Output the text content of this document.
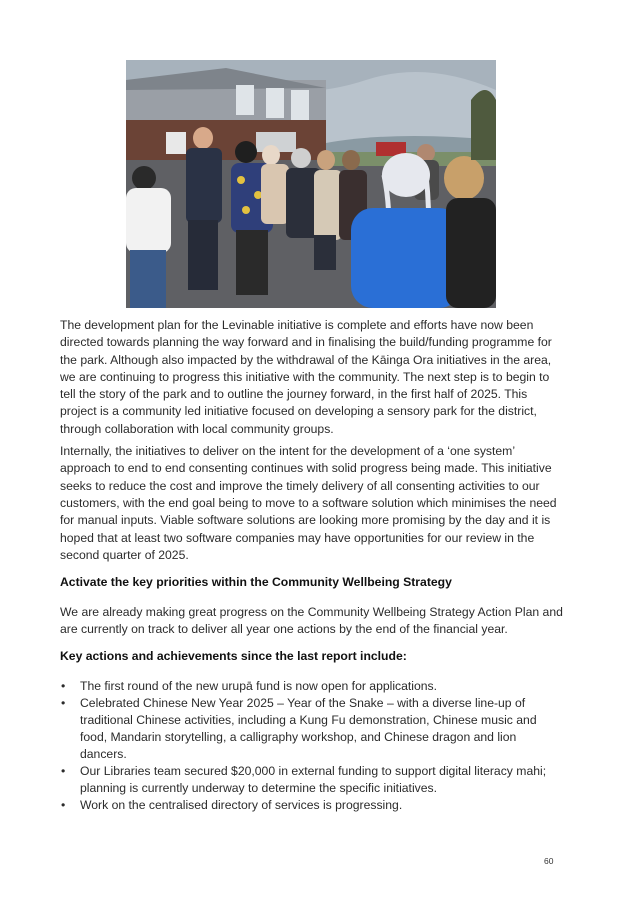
The development plan for the Levinable initiative is complete and efforts have now been directed towards planning the way forward and in finalising the build/funding programme for the park. Although also impacted by the withdrawal of the Kāinga Ora initiatives in the area, we are continuing to progress this initiative with the community. The next step is to begin to tell the story of the park and to outline the journey forward, in the first half of 2025. This project is a community led initiative focused on developing a sensory park for the district, through collaboration with local community groups.

Internally, the initiatives to deliver on the intent for the development of a ‘one system’ approach to end to end consenting continues with solid progress being made. This initiative seeks to reduce the cost and improve the timely delivery of all consenting activities to our customers, with the end goal being to move to a software solution which minimises the need for manual inputs. Viable software solutions are looking more promising by the day and it is hoped that at least two software companies may have opportunities for our review in the second quarter of 2025.

Activate the key priorities within the Community Wellbeing Strategy

We are already making great progress on the Community Wellbeing Strategy Action Plan and are currently on track to deliver all year one actions by the end of the financial year.

Key actions and achievements since the last report include:
• The first round of the new urupā fund is now open for applications.
• Celebrated Chinese New Year 2025 – Year of the Snake – with a diverse line-up of traditional Chinese activities, including a Kung Fu demonstration, Chinese music and food, Mandarin storytelling, a calligraphy workshop, and Chinese dragon and lion dancers.
• Our Libraries team secured $20,000 in external funding to support digital literacy mahi; planning is currently underway to determine the specific initiatives.
• Work on the centralised directory of services is progressing.
60
